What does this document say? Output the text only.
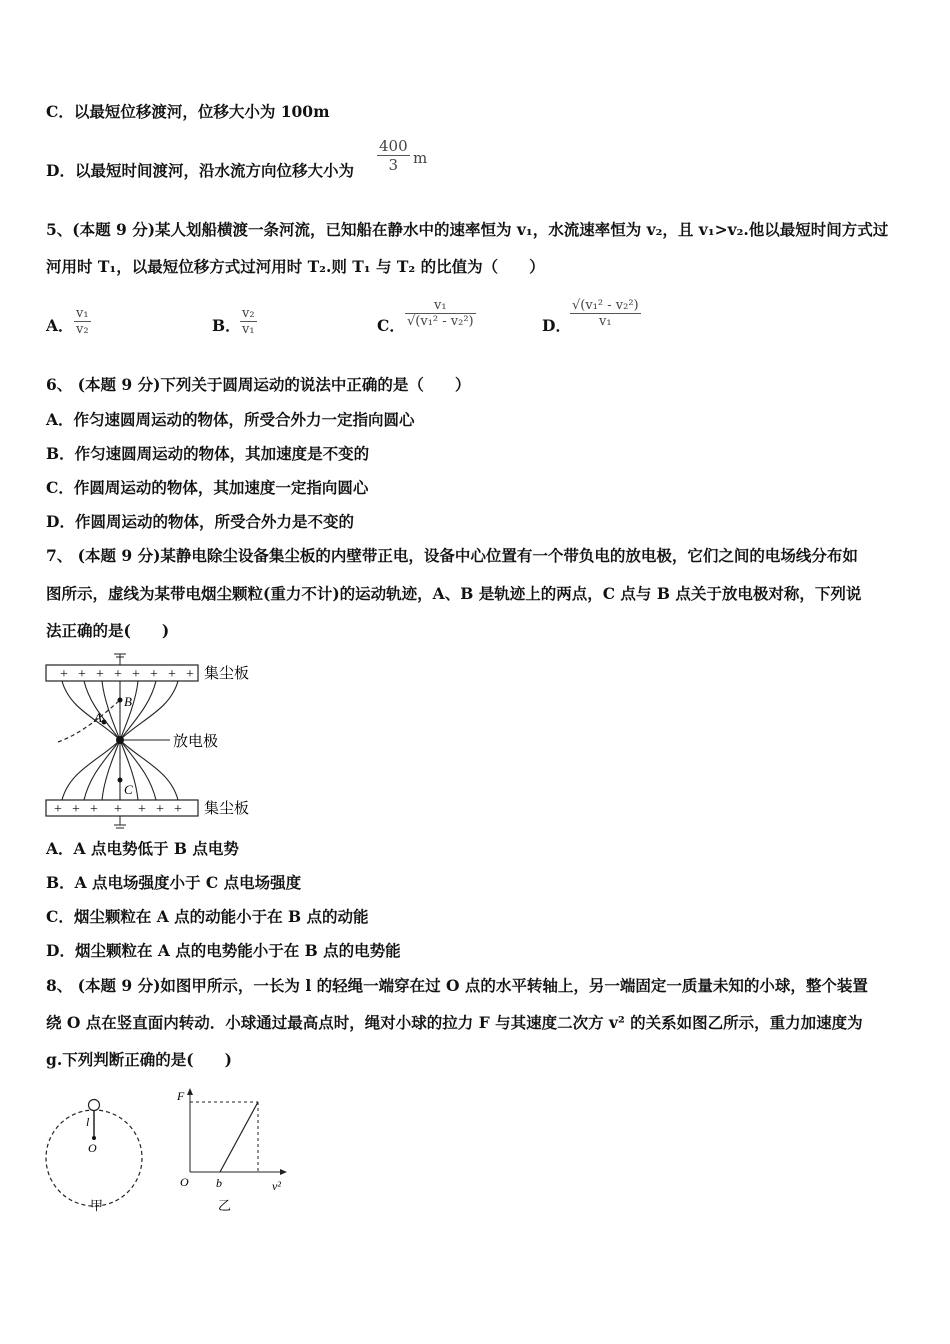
C．以最短位移渡河，位移大小为 100m
D．以最短时间渡河，沿水流方向位移大小为 $\frac{400}{3}$ m
5、(本题 9 分)某人划船横渡一条河流，已知船在静水中的速率恒为 v₁，水流速率恒为 v₂，且 v₁>v₂.他以最短时间方式过
河用时 T₁，以最短位移方式过河用时 T₂.则 T₁ 与 T₂ 的比值为（　　）
A． $\frac{\text{v₁}}{\text{v₂}}$	B． $\frac{\text{v₂}}{\text{v₁}}$	C． $\frac{\text{v₁}}{\text{√(v₁² - v₂²)}}$	D． $\frac{\text{√(v₁² - v₂²)}}{\text{v₁}}$
6、 (本题 9 分)下列关于圆周运动的说法中正确的是（　　）
A．作匀速圆周运动的物体，所受合外力一定指向圆心
B．作匀速圆周运动的物体，其加速度是不变的
C．作圆周运动的物体，其加速度一定指向圆心
D．作圆周运动的物体，所受合外力是不变的
7、 (本题 9 分)某静电除尘设备集尘板的内壁带正电，设备中心位置有一个带负电的放电极，它们之间的电场线分布如
图所示，虚线为某带电烟尘颗粒(重力不计)的运动轨迹，A、B 是轨迹上的两点，C 点与 B 点关于放电极对称，下列说
法正确的是(　　)
+ + + + + + + + 集尘板
+ + + + + + + 集尘板
放电极
B
A
C
A．A 点电势低于 B 点电势
B．A 点电场强度小于 C 点电场强度
C．烟尘颗粒在 A 点的动能小于在 B 点的动能
D．烟尘颗粒在 A 点的电势能小于在 B 点的电势能
8、 (本题 9 分)如图甲所示，一长为 l 的轻绳一端穿在过 O 点的水平转轴上，另一端固定一质量未知的小球，整个装置
绕 O 点在竖直面内转动．小球通过最高点时，绳对小球的拉力 F 与其速度二次方 v² 的关系如图乙所示，重力加速度为
g.下列判断正确的是(　　)
l
O
甲
F
v²
O b
乙
